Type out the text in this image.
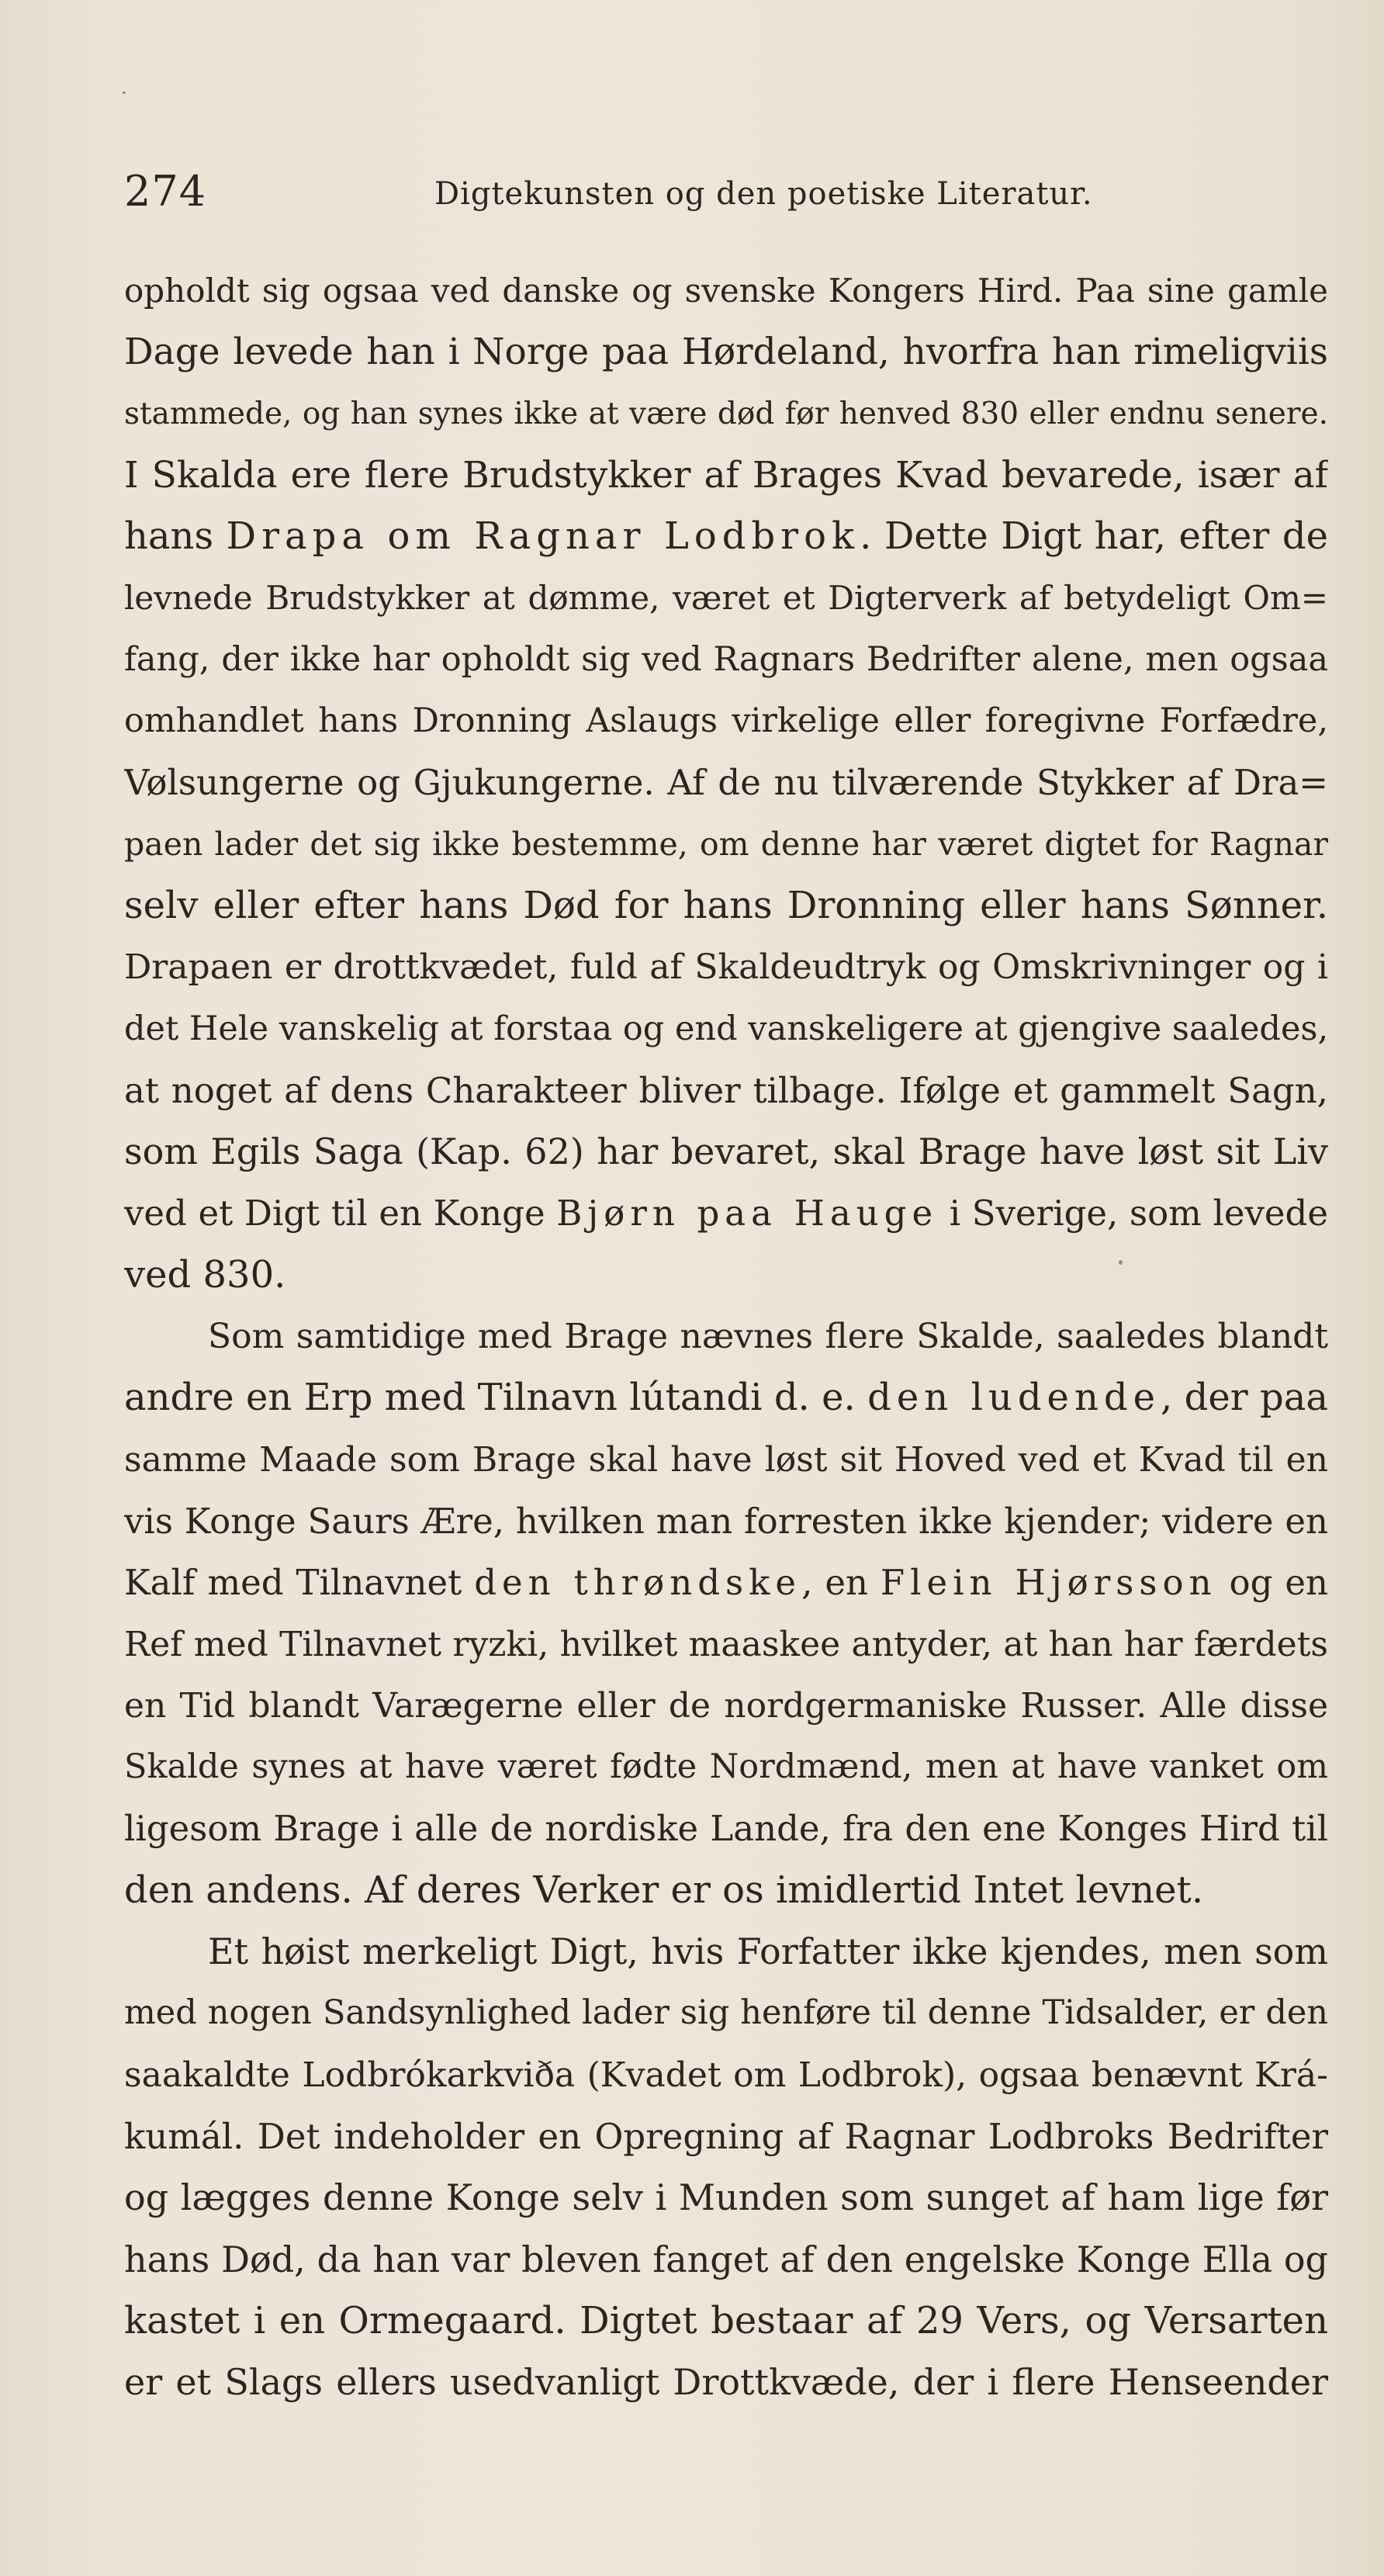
274	Digtekunsten og den poetiske Literatur.
opholdt sig ogsaa ved danske og svenske Kongers Hird. Paa sine gamle
Dage levede han i Norge paa Hørdeland, hvorfra han rimeligviis
stammede, og han synes ikke at være død før henved 830 eller endnu senere.
I Skalda ere flere Brudstykker af Brages Kvad bevarede, især af
hans Drapa om Ragnar Lodbrok. Dette Digt har, efter de
levnede Brudstykker at dømme, været et Digterverk af betydeligt Om=
fang, der ikke har opholdt sig ved Ragnars Bedrifter alene, men ogsaa
omhandlet hans Dronning Aslaugs virkelige eller foregivne Forfædre,
Vølsungerne og Gjukungerne. Af de nu tilværende Stykker af Dra=
paen lader det sig ikke bestemme, om denne har været digtet for Ragnar
selv eller efter hans Død for hans Dronning eller hans Sønner.
Drapaen er drottkvædet, fuld af Skaldeudtryk og Omskrivninger og i
det Hele vanskelig at forstaa og end vanskeligere at gjengive saaledes,
at noget af dens Charakteer bliver tilbage. Ifølge et gammelt Sagn,
som Egils Saga (Kap. 62) har bevaret, skal Brage have løst sit Liv
ved et Digt til en Konge Bjørn paa Hauge i Sverige, som levede
ved 830.
Som samtidige med Brage nævnes flere Skalde, saaledes blandt
andre en Erp med Tilnavn lútandi d. e. den ludende, der paa
samme Maade som Brage skal have løst sit Hoved ved et Kvad til en
vis Konge Saurs Ære, hvilken man forresten ikke kjender; videre en
Kalf med Tilnavnet den thrøndske, en Flein Hjørsson og en
Ref med Tilnavnet ryzki, hvilket maaskee antyder, at han har færdets
en Tid blandt Varægerne eller de nordgermaniske Russer. Alle disse
Skalde synes at have været fødte Nordmænd, men at have vanket om
ligesom Brage i alle de nordiske Lande, fra den ene Konges Hird til
den andens. Af deres Verker er os imidlertid Intet levnet.
Et høist merkeligt Digt, hvis Forfatter ikke kjendes, men som
med nogen Sandsynlighed lader sig henføre til denne Tidsalder, er den
saakaldte Lodbrókarkviða (Kvadet om Lodbrok), ogsaa benævnt Krá-
kumál. Det indeholder en Opregning af Ragnar Lodbroks Bedrifter
og lægges denne Konge selv i Munden som sunget af ham lige før
hans Død, da han var bleven fanget af den engelske Konge Ella og
kastet i en Ormegaard. Digtet bestaar af 29 Vers, og Versarten
er et Slags ellers usedvanligt Drottkvæde, der i flere Henseender
